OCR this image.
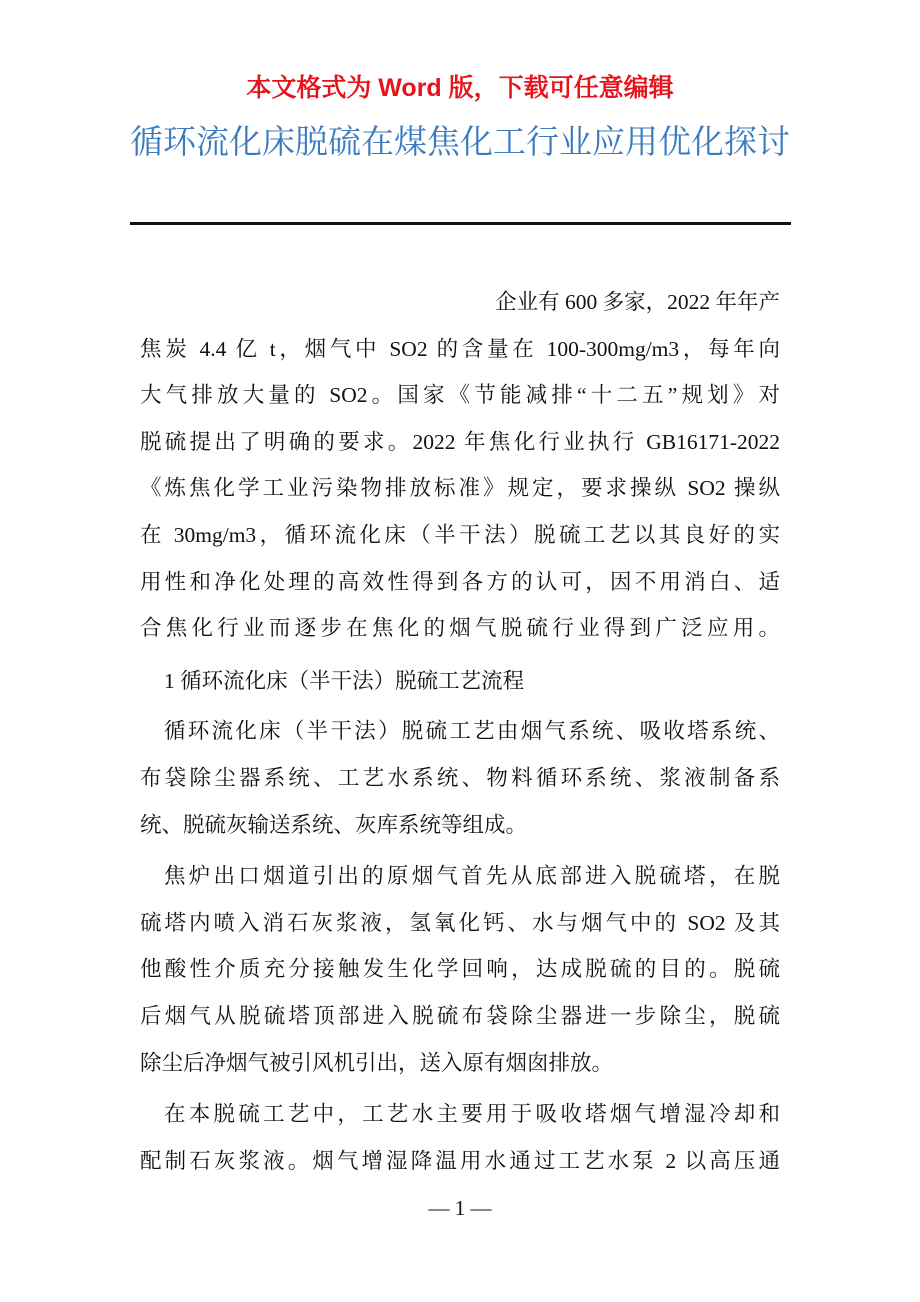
本文格式为 Word 版，下载可任意编辑
循环流化床脱硫在煤焦化工行业应用优化探讨
企业有 600 多家，2022 年年产
焦炭 4.4 亿 t，烟气中 SO2 的含量在 100-300mg/m3，每年向
大气排放大量的 SO2。国家《节能减排“十二五”规划》对
脱硫提出了明确的要求。2022 年焦化行业执行 GB16171-2022
《炼焦化学工业污染物排放标准》规定，要求操纵 SO2 操纵
在 30mg/m3，循环流化床（半干法）脱硫工艺以其良好的实
用性和净化处理的高效性得到各方的认可，因不用消白、适
合焦化行业而逐步在焦化的烟气脱硫行业得到广泛应用。
1 循环流化床（半干法）脱硫工艺流程
循环流化床（半干法）脱硫工艺由烟气系统、吸收塔系统、
布袋除尘器系统、工艺水系统、物料循环系统、浆液制备系
统、脱硫灰输送系统、灰库系统等组成。
焦炉出口烟道引出的原烟气首先从底部进入脱硫塔，在脱
硫塔内喷入消石灰浆液，氢氧化钙、水与烟气中的 SO2 及其
他酸性介质充分接触发生化学回响，达成脱硫的目的。脱硫
后烟气从脱硫塔顶部进入脱硫布袋除尘器进一步除尘，脱硫
除尘后净烟气被引风机引出，送入原有烟囱排放。
在本脱硫工艺中，工艺水主要用于吸收塔烟气增湿冷却和
配制石灰浆液。烟气增湿降温用水通过工艺水泵 2 以高压通
— 1 —
